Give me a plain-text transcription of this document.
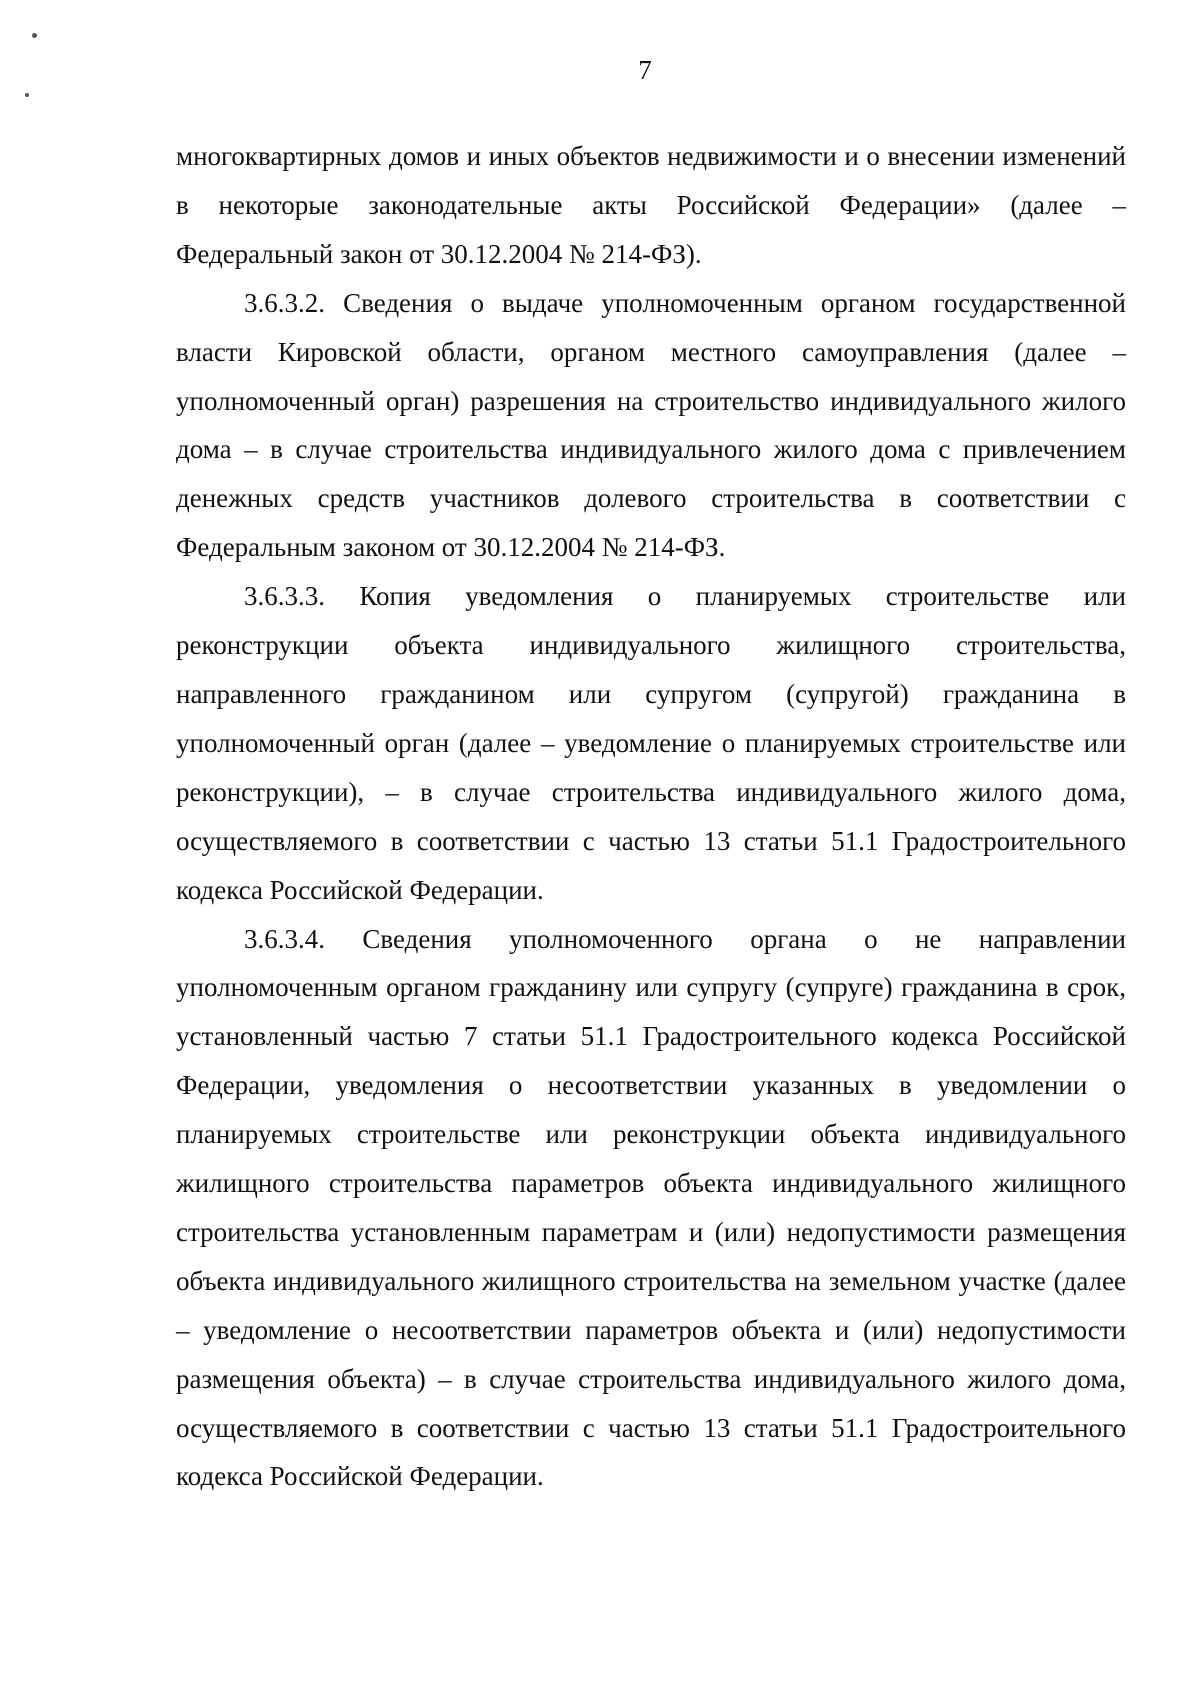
7

многоквартирных домов и иных объектов недвижимости и о внесении изменений в некоторые законодательные акты Российской Федерации» (далее – Федеральный закон от 30.12.2004 № 214-ФЗ).

3.6.3.2. Сведения о выдаче уполномоченным органом государственной власти Кировской области, органом местного самоуправления (далее – уполномоченный орган) разрешения на строительство индивидуального жилого дома – в случае строительства индивидуального жилого дома с привлечением денежных средств участников долевого строительства в соответствии с Федеральным законом от 30.12.2004 № 214-ФЗ.

3.6.3.3. Копия уведомления о планируемых строительстве или реконструкции объекта индивидуального жилищного строительства, направленного гражданином или супругом (супругой) гражданина в уполномоченный орган (далее – уведомление о планируемых строительстве или реконструкции), – в случае строительства индивидуального жилого дома, осуществляемого в соответствии с частью 13 статьи 51.1 Градостроительного кодекса Российской Федерации.

3.6.3.4. Сведения уполномоченного органа о не направлении уполномоченным органом гражданину или супругу (супруге) гражданина в срок, установленный частью 7 статьи 51.1 Градостроительного кодекса Российской Федерации, уведомления о несоответствии указанных в уведомлении о планируемых строительстве или реконструкции объекта индивидуального жилищного строительства параметров объекта индивидуального жилищного строительства установленным параметрам и (или) недопустимости размещения объекта индивидуального жилищного строительства на земельном участке (далее – уведомление о несоответствии параметров объекта и (или) недопустимости размещения объекта) – в случае строительства индивидуального жилого дома, осуществляемого в соответствии с частью 13 статьи 51.1 Градостроительного кодекса Российской Федерации.
